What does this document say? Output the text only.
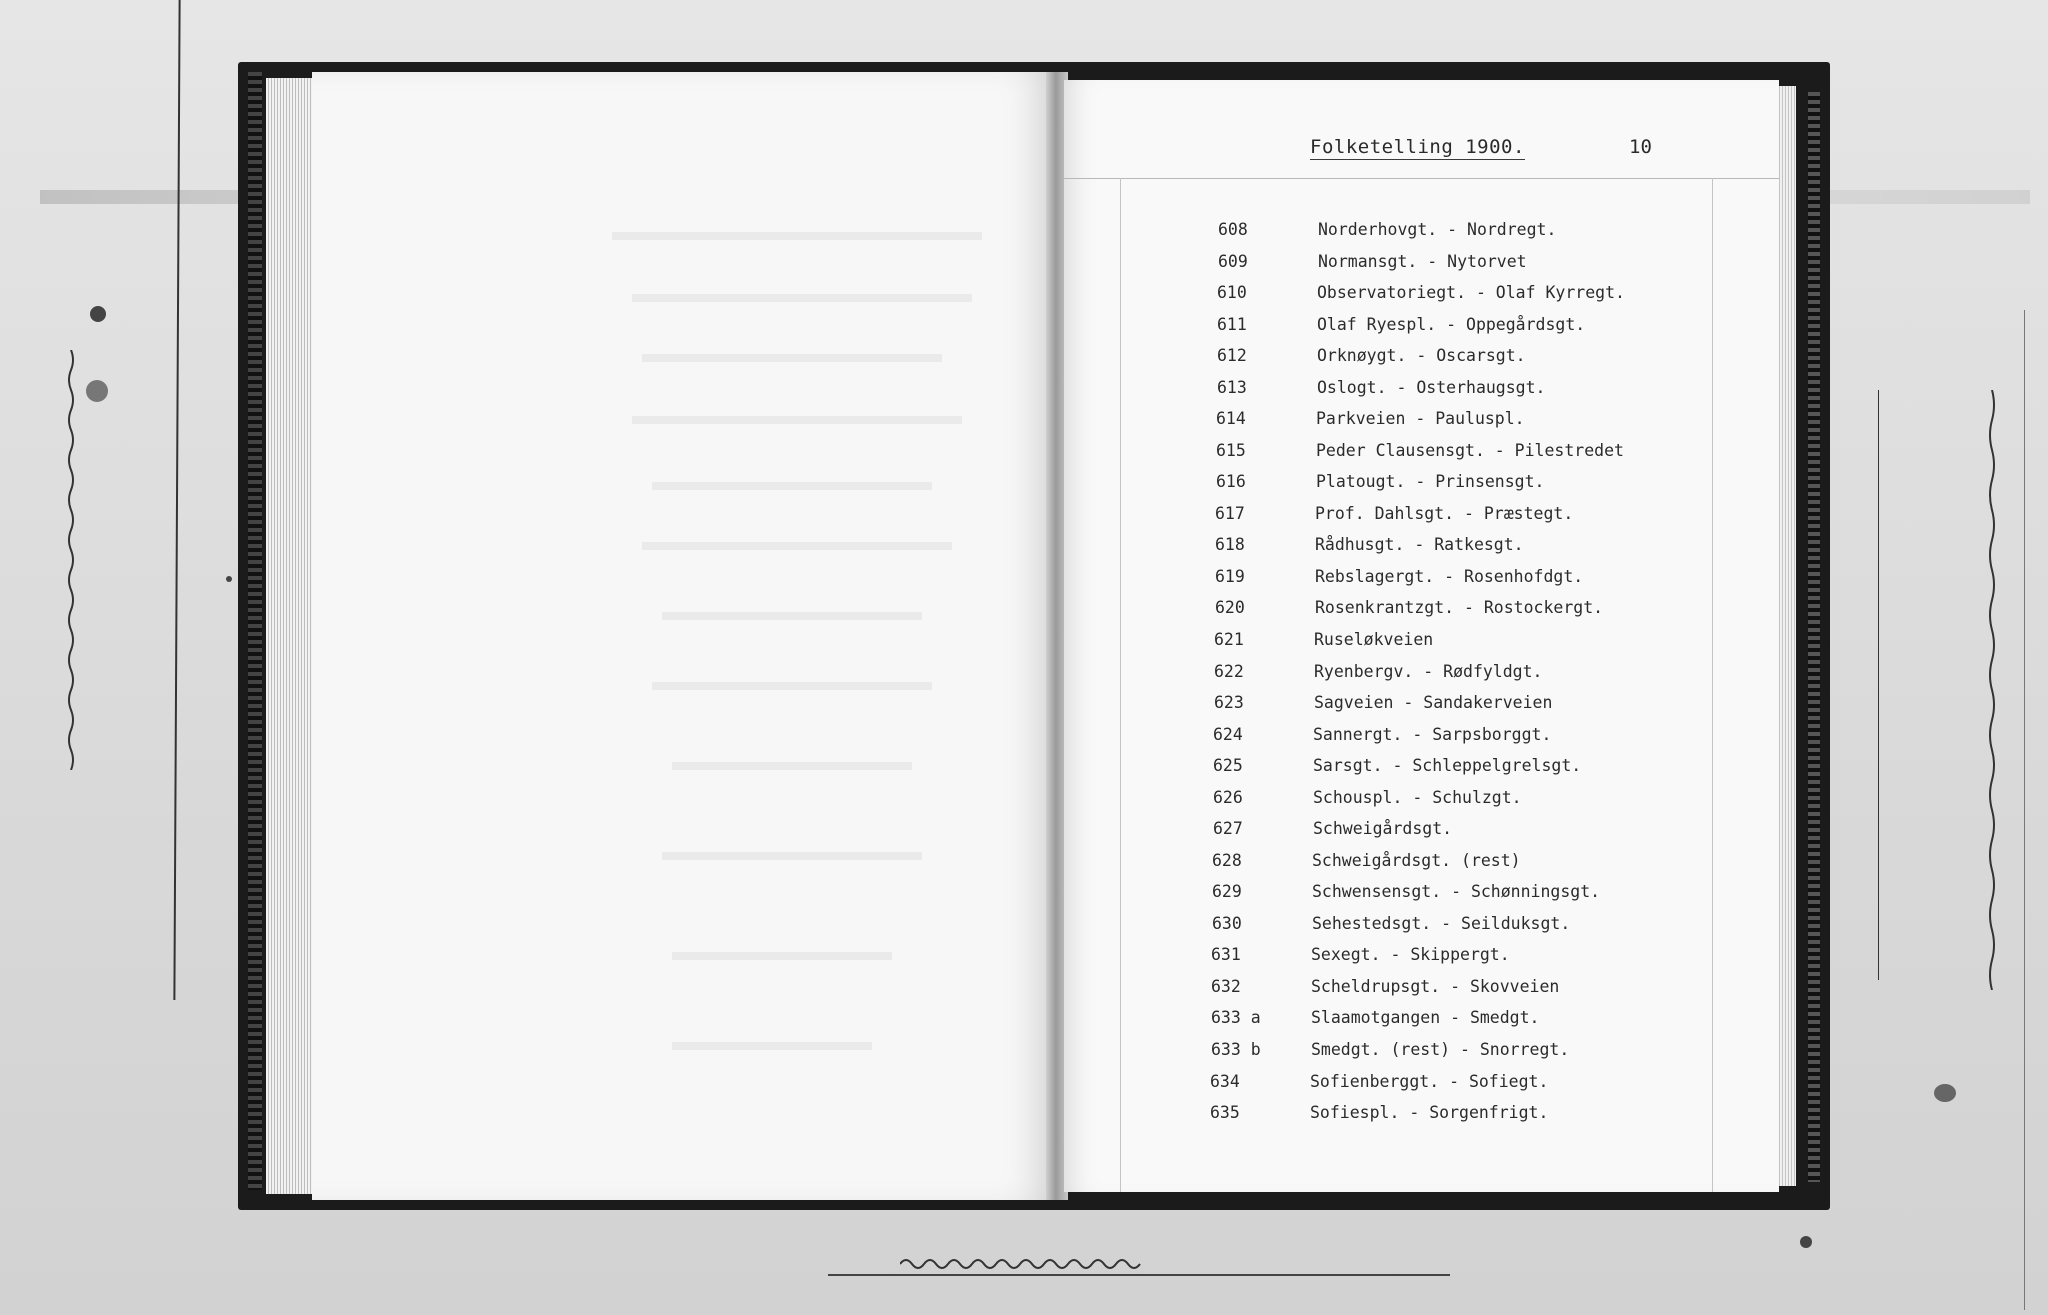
Folketelling 1900.	10
608	Norderhovgt. - Nordregt.
609	Normansgt. - Nytorvet
610	Observatoriegt. - Olaf Kyrregt.
611	Olaf Ryespl. - Oppegårdsgt.
612	Orknøygt. - Oscarsgt.
613	Oslogt. - Osterhaugsgt.
614	Parkveien - Pauluspl.
615	Peder Clausensgt. - Pilestredet
616	Platougt. - Prinsensgt.
617	Prof. Dahlsgt. - Præstegt.
618	Rådhusgt. - Ratkesgt.
619	Rebslagergt. - Rosenhofdgt.
620	Rosenkrantzgt. - Rostockergt.
621	Ruseløkveien
622	Ryenbergv. - Rødfyldgt.
623	Sagveien - Sandakerveien
624	Sannergt. - Sarpsborggt.
625	Sarsgt. - Schleppelgrelsgt.
626	Schouspl. - Schulzgt.
627	Schweigårdsgt.
628	Schweigårdsgt. (rest)
629	Schwensensgt. - Schønningsgt.
630	Sehestedsgt. - Seilduksgt.
631	Sexegt. - Skippergt.
632	Scheldrupsgt. - Skovveien
633 a	Slaamotgangen - Smedgt.
633 b	Smedgt. (rest) - Snorregt.
634	Sofienberggt. - Sofiegt.
635	Sofiespl. - Sorgenfrigt.
